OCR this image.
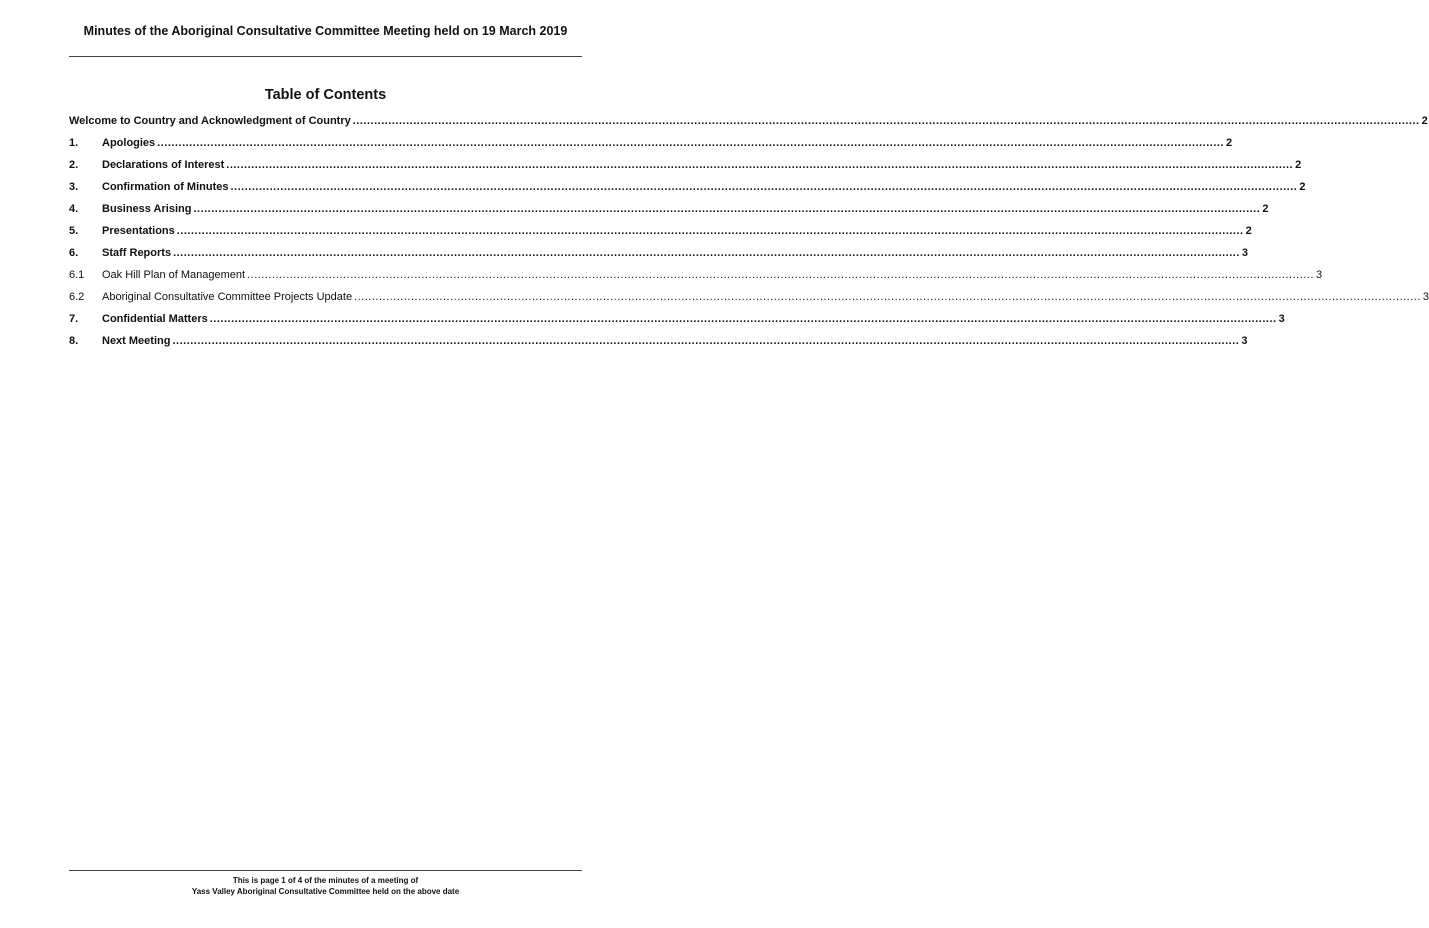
Minutes of the Aboriginal Consultative Committee Meeting held on 19 March 2019
Table of Contents
Welcome to Country and Acknowledgment of Country ............................................................................................................................................................................................................................................................................................................ 2
1.	Apologies ............................................................................................................................................................................................................................................................................................................ 2
2.	Declarations of Interest ............................................................................................................................................................................................................................................................................................................ 2
3.	Confirmation of Minutes ............................................................................................................................................................................................................................................................................................................ 2
4.	Business Arising ............................................................................................................................................................................................................................................................................................................ 2
5.	Presentations ............................................................................................................................................................................................................................................................................................................ 2
6.	Staff Reports ............................................................................................................................................................................................................................................................................................................ 3
6.1	Oak Hill Plan of Management ............................................................................................................................................................................................................................................................................................................ 3
6.2	Aboriginal Consultative Committee Projects Update ............................................................................................................................................................................................................................................................................................................ 3
7.	Confidential Matters ............................................................................................................................................................................................................................................................................................................ 3
8.	Next Meeting ............................................................................................................................................................................................................................................................................................................ 3
This is page 1 of 4 of the minutes of a meeting of
Yass Valley Aboriginal Consultative Committee held on the above date
